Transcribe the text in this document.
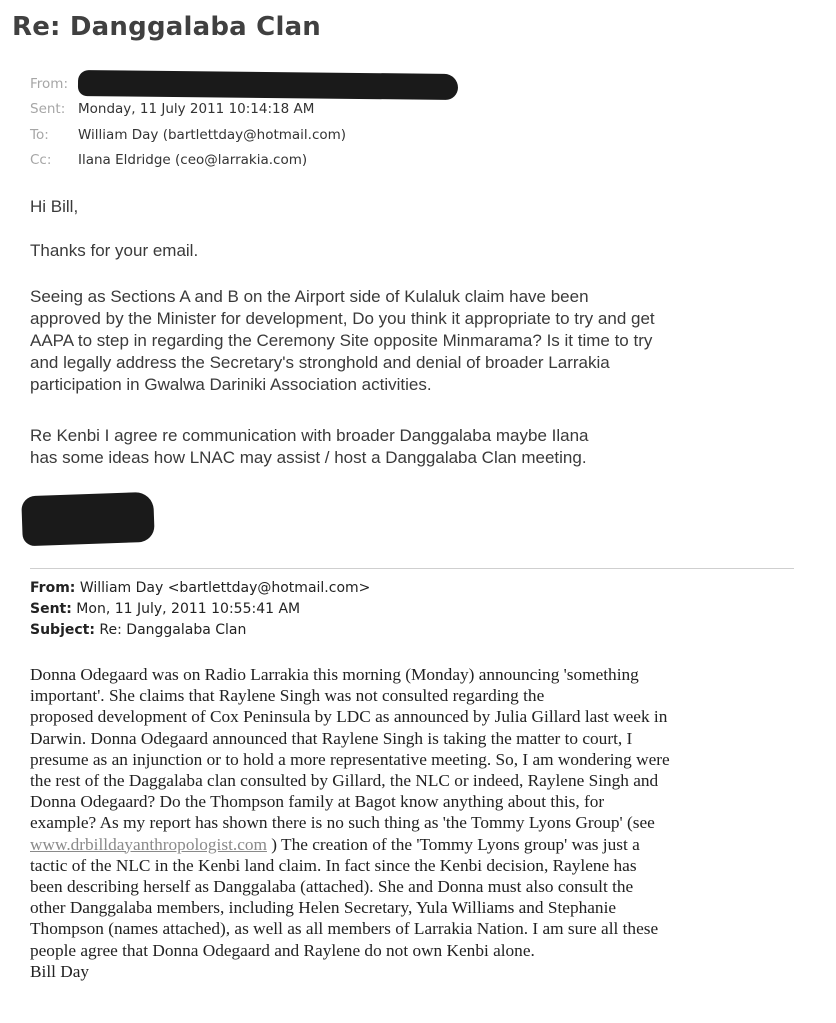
Re: Danggalaba Clan
From:
Sent: Monday, 11 July 2011 10:14:18 AM
To: William Day (bartlettday@hotmail.com)
Cc: Ilana Eldridge (ceo@larrakia.com)

Hi Bill,

Thanks for your email.

Seeing as Sections A and B on the Airport side of Kulaluk claim have been
approved by the Minister for development, Do you think it appropriate to try and get
AAPA to step in regarding the Ceremony Site opposite Minmarama? Is it time to try
and legally address the Secretary's stronghold and denial of broader Larrakia
participation in Gwalwa Dariniki Association activities.
Re Kenbi I agree re communication with broader Danggalaba maybe Ilana
has some ideas how LNAC may assist / host a Danggalaba Clan meeting.
From: William Day <bartlettday@hotmail.com>
Sent: Mon, 11 July, 2011 10:55:41 AM
Subject: Re: Danggalaba Clan
Donna Odegaard was on Radio Larrakia this morning (Monday) announcing 'something
important'. She claims that Raylene Singh was not consulted regarding the
proposed development of Cox Peninsula by LDC as announced by Julia Gillard last week in
Darwin. Donna Odegaard announced that Raylene Singh is taking the matter to court, I
presume as an injunction or to hold a more representative meeting. So, I am wondering were
the rest of the Daggalaba clan consulted by Gillard, the NLC or indeed, Raylene Singh and
Donna Odegaard? Do the Thompson family at Bagot know anything about this, for
example? As my report has shown there is no such thing as 'the Tommy Lyons Group' (see
www.drbilldayanthropologist.com ) The creation of the 'Tommy Lyons group' was just a
tactic of the NLC in the Kenbi land claim. In fact since the Kenbi decision, Raylene has
been describing herself as Danggalaba (attached). She and Donna must also consult the
other Danggalaba members, including Helen Secretary, Yula Williams and Stephanie
Thompson (names attached), as well as all members of Larrakia Nation. I am sure all these
people agree that Donna Odegaard and Raylene do not own Kenbi alone.
Bill Day
